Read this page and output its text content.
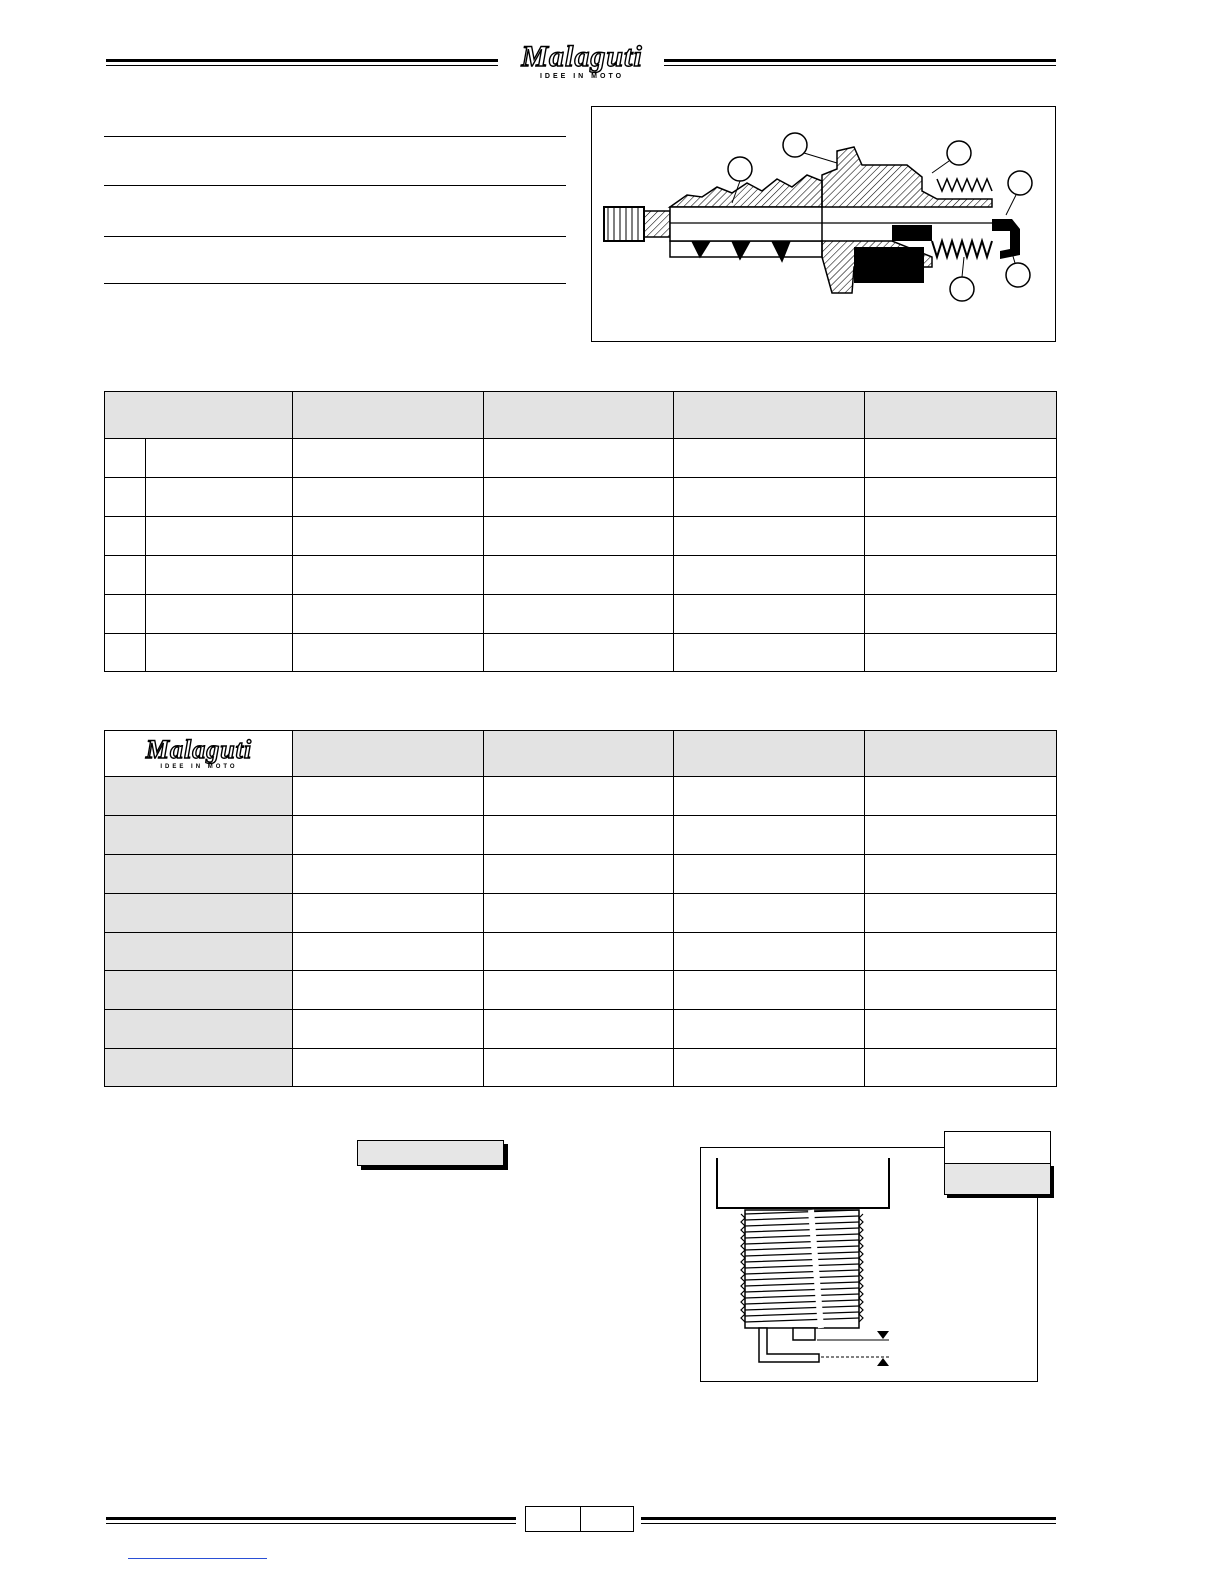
Malaguti
IDEE IN MOTO

Malaguti
IDEE IN MOTO				
